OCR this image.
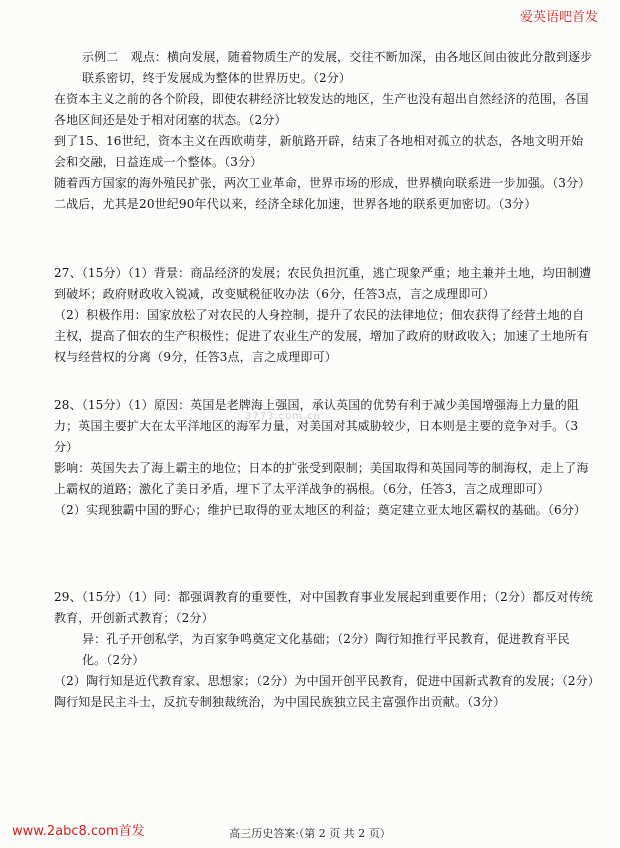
爱英语吧首发

示例二　观点：横向发展，随着物质生产的发展，交往不断加深，由各地区间由彼此分散到逐步联系密切，终于发展成为整体的世界历史。（2分）

在资本主义之前的各个阶段，即使农耕经济比较发达的地区，生产也没有超出自然经济的范围，各国各地区间还是处于相对闭塞的状态。（2分）

到了15、16世纪，资本主义在西欧萌芽，新航路开辟，结束了各地相对孤立的状态，各地文明开始会和交融，日益连成一个整体。（3分）

随着西方国家的海外殖民扩张，两次工业革命，世界市场的形成，世界横向联系进一步加强。（3分）

二战后，尤其是20世纪90年代以来，经济全球化加速，世界各地的联系更加密切。（3分）

27、（15分）（1）背景：商品经济的发展；农民负担沉重，逃亡现象严重；地主兼并土地，均田制遭到破坏；政府财政收入锐减，改变赋税征收办法（6分，任答3点，言之成理即可）

（2）积极作用：国家放松了对农民的人身控制，提升了农民的法律地位；佃农获得了经营土地的自主权，提高了佃农的生产积极性；促进了农业生产的发展，增加了政府的财政收入；加速了土地所有权与经营权的分离（9分，任答3点，言之成理即可）

28、（15分）（1）原因：英国是老牌海上强国，承认英国的优势有利于减少美国增强海上力量的阻力；英国主要扩大在太平洋地区的海军力量，对美国对其威胁较少，日本则是主要的竞争对手。（3分）

影响：英国失去了海上霸主的地位；日本的扩张受到限制；美国取得和英国同等的制海权，走上了海上霸权的道路；激化了美日矛盾，埋下了太平洋战争的祸根。（6分，任答3，言之成理即可）

（2）实现独霸中国的野心；维护已取得的亚太地区的利益；奠定建立亚太地区霸权的基础。（6分）

3773.com.cn

29、（15分）（1）同：都强调教育的重要性，对中国教育事业发展起到重要作用；（2分）都反对传统教育，开创新式教育；（2分）

异：孔子开创私学，为百家争鸣奠定文化基础；（2分）陶行知推行平民教育，促进教育平民化。（2分）

（2）陶行知是近代教育家、思想家；（2分）为中国开创平民教育，促进中国新式教育的发展；（2分）陶行知是民主斗士，反抗专制独裁统治，为中国民族独立民主富强作出贡献。（3分）

www.2abc8.com首发	高三历史答案·（第 2 页 共 2 页）
